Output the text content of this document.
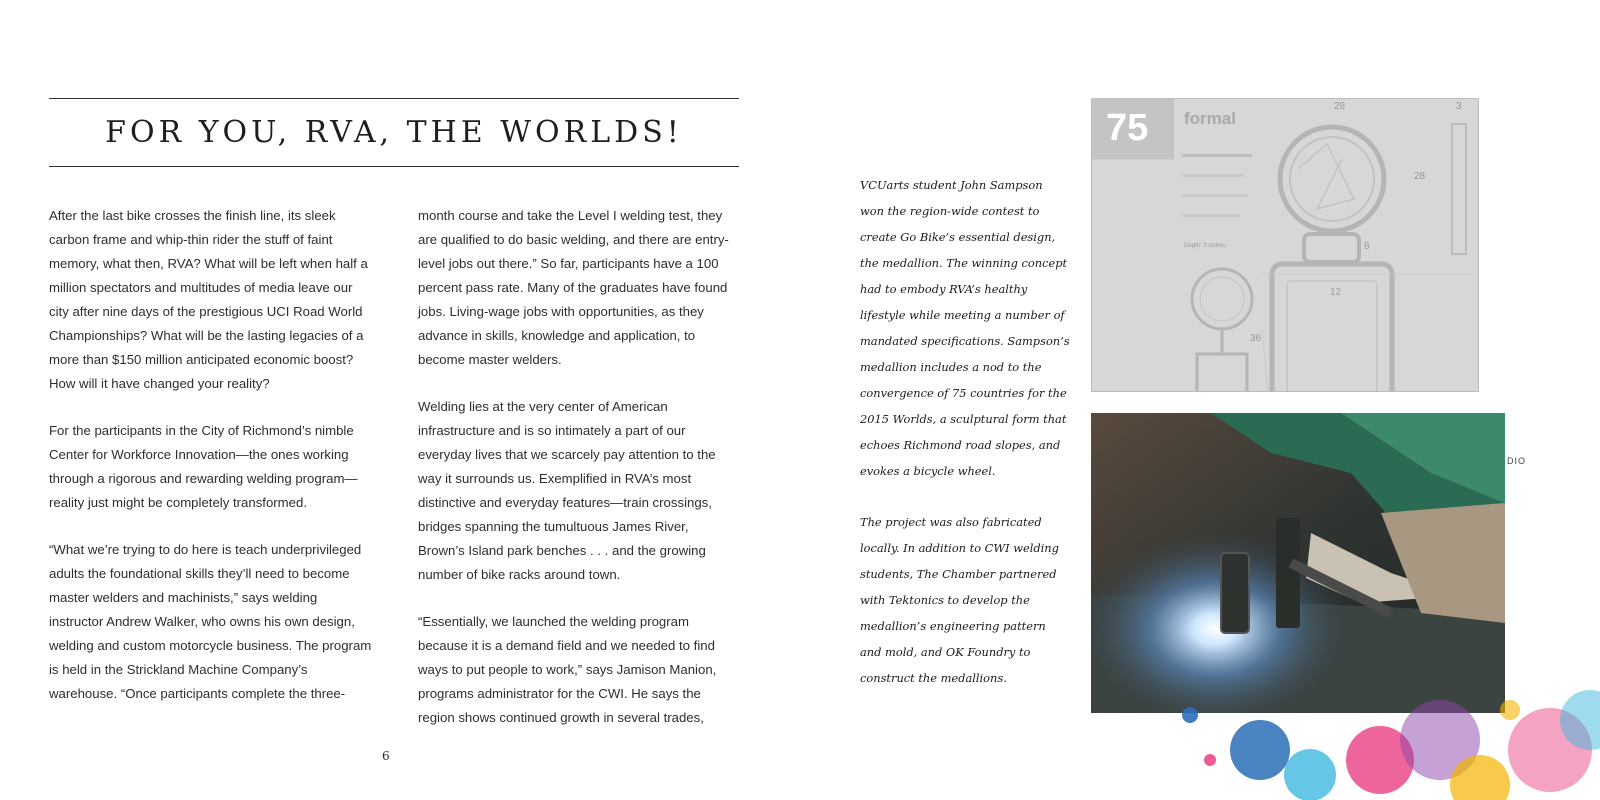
FOR YOU, RVA, THE WORLDS!

After the last bike crosses the finish line, its sleek carbon frame and whip-thin rider the stuff of faint memory, what then, RVA? What will be left when half a million spectators and multitudes of media leave our city after nine days of the prestigious UCI Road World Championships? What will be the lasting legacies of a more than $150 million anticipated economic boost? How will it have changed your reality?

For the participants in the City of Richmond’s nimble Center for Workforce Innovation—the ones working through a rigorous and rewarding welding program—reality just might be completely transformed.

“What we’re trying to do here is teach underprivileged adults the foundational skills they’ll need to become master welders and machinists,” says welding instructor Andrew Walker, who owns his own design, welding and custom motorcycle business. The program is held in the Strickland Machine Company’s warehouse. “Once participants complete the three-

month course and take the Level I welding test, they are qualified to do basic welding, and there are entry-level jobs out there.” So far, participants have a 100 percent pass rate. Many of the graduates have found jobs. Living-wage jobs with opportunities, as they advance in skills, knowledge and application, to become master welders.

Welding lies at the very center of American infrastructure and is so intimately a part of our everyday lives that we scarcely pay attention to the way it surrounds us. Exemplified in RVA’s most distinctive and everyday features—train crossings, bridges spanning the tumultuous James River, Brown’s Island park benches . . . and the growing number of bike racks around town.

“Essentially, we launched the welding program because it is a demand field and we needed to find ways to put people to work,” says Jamison Manion, programs administrator for the CWI. He says the region shows continued growth in several trades,

6

VCUarts student John Sampson won the region-wide contest to create Go Bike’s essential design, the medallion. The winning concept had to embody RVA’s healthy lifestyle while meeting a number of mandated specifications. Sampson’s medallion includes a nod to the convergence of 75 countries for the 2015 Worlds, a sculptural form that echoes Richmond road slopes, and evokes a bicycle wheel.

The project was also fabricated locally. In addition to CWI welding students, The Chamber partnered with Tektonics to develop the medallion’s engineering pattern and mold, and OK Foundry to construct the medallions.

75 formal
28	3
28
8
12
36
Depth: 3 inches
DIO
